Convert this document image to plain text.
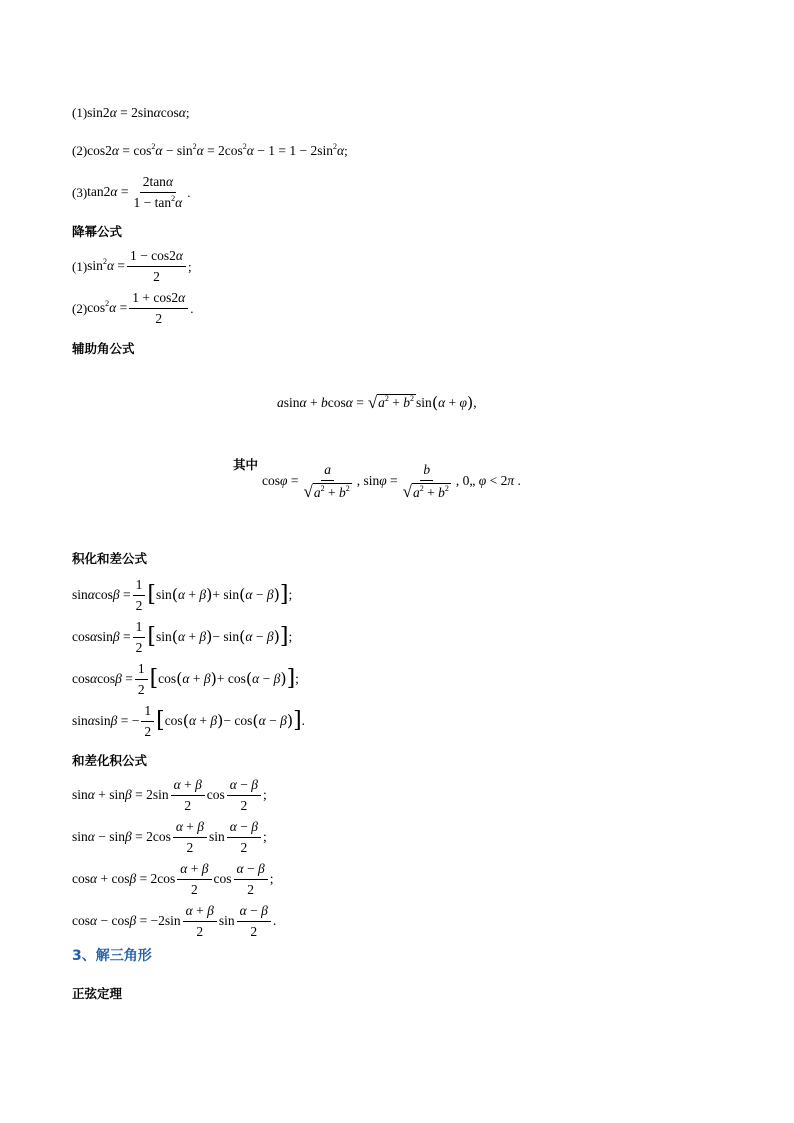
(1) sin2α = 2sinαcosα ;
(2) $\cos 2\alpha = \cos^2\alpha - \sin^2\alpha = 2\cos^2\alpha - 1 = 1 - 2\sin^2\alpha$ ;
(3) $\tan 2\alpha = \frac{2\tan\alpha}{1 - \tan^2\alpha}$ .
降幂公式
(1) $\sin^2\alpha = \frac{1 - \cos 2\alpha}{2}$ ;
(2) $\cos^2\alpha = \frac{1 + \cos 2\alpha}{2}$ .
辅助角公式
asinα + bcosα = √ $a^2 + b^2$ sin ( α + φ ) ,
其中
$\cos\varphi = \frac{a}{√ a^2 + b^2}$ , $\sin\varphi = \frac{b}{√ a^2 + b^2}$ , 0„ φ < 2π .
积化和差公式
$\sin\alpha\cos\beta = \frac{1}{2}$ [ sin ( α + β ) + sin ( α − β ) ] ;
$\cos\alpha\sin\beta = \frac{1}{2}$ [ sin ( α + β ) − sin ( α − β ) ] ;
$\cos\alpha\cos\beta = \frac{1}{2}$ [ cos ( α + β ) + cos ( α − β ) ] ;
sinαsinβ = − $\frac{1}{2}$ [ cos ( α + β ) − cos ( α − β ) ] .
和差化积公式
$\sin\alpha + \sin\beta = 2\sin \frac{\alpha + \beta}{2}$ $\cos \frac{\alpha - \beta}{2}$ ;
$\sin\alpha - \sin\beta = 2\cos \frac{\alpha + \beta}{2}$ $\sin \frac{\alpha - \beta}{2}$ ;
$\cos\alpha + \cos\beta = 2\cos \frac{\alpha + \beta}{2}$ $\cos \frac{\alpha - \beta}{2}$ ;
$\cos\alpha - \cos\beta = -2\sin \frac{\alpha + \beta}{2}$ $\sin \frac{\alpha - \beta}{2}$ .
3、解三角形
正弦定理
